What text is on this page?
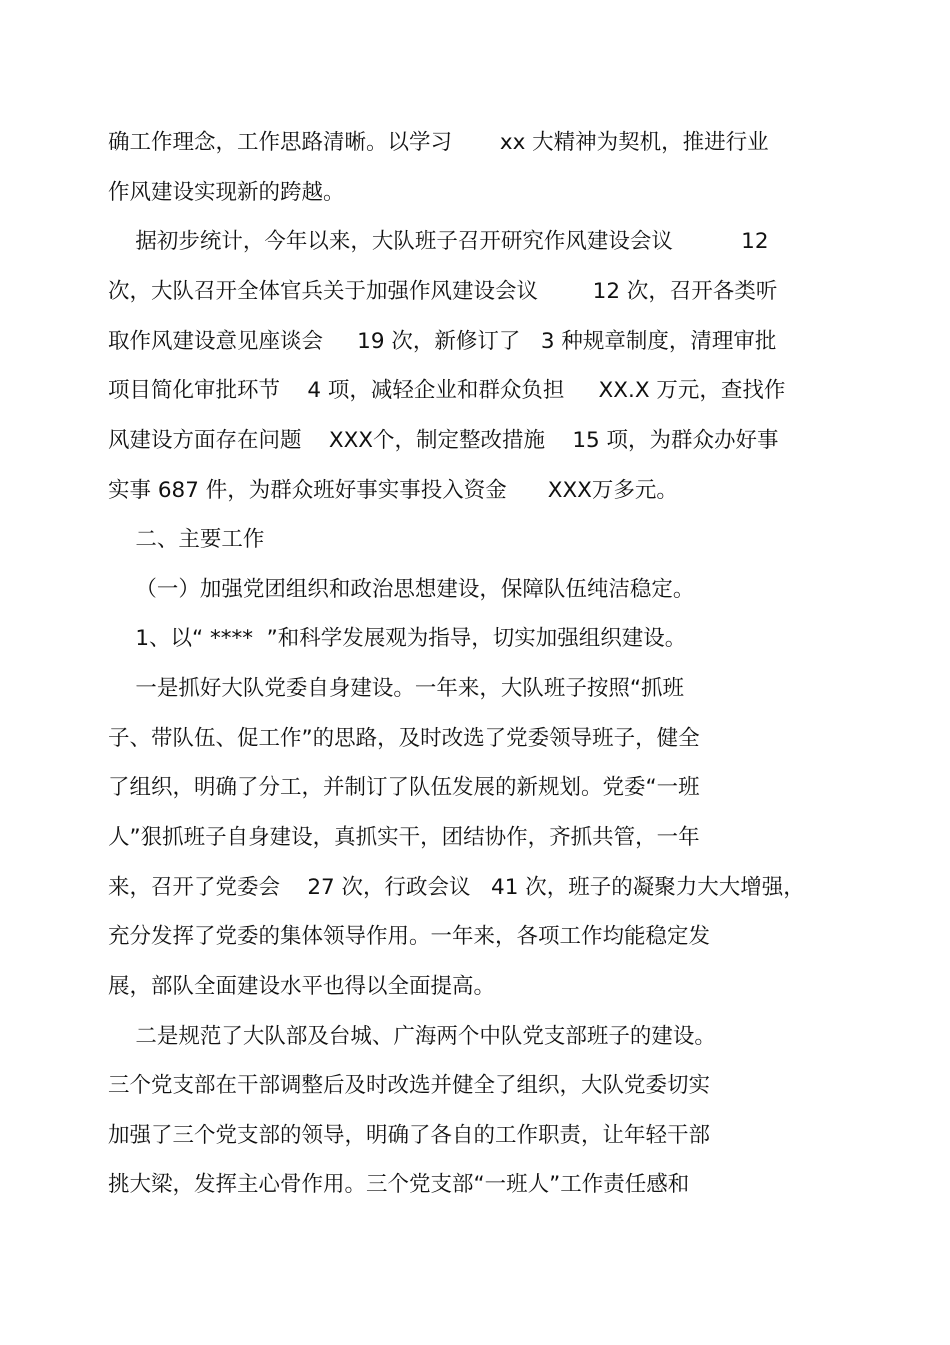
确工作理念，工作思路清晰。以学习       xx 大精神为契机，推进行业
作风建设实现新的跨越。
据初步统计，今年以来，大队班子召开研究作风建设会议          12
次，大队召开全体官兵关于加强作风建设会议        12 次，召开各类听
取作风建设意见座谈会     19 次，新修订了   3 种规章制度，清理审批
项目简化审批环节    4 项，减轻企业和群众负担     XX.X 万元，查找作
风建设方面存在问题    XXX个，制定整改措施    15 项，为群众办好事
实事 687 件，为群众班好事实事投入资金      XXX万多元。
二、主要工作
（一）加强党团组织和政治思想建设，保障队伍纯洁稳定。
1、以“ ****  ”和科学发展观为指导，切实加强组织建设。
一是抓好大队党委自身建设。一年来，大队班子按照“抓班
子、带队伍、促工作”的思路，及时改选了党委领导班子，健全
了组织，明确了分工，并制订了队伍发展的新规划。党委“一班
人”狠抓班子自身建设，真抓实干，团结协作，齐抓共管，一年
来，召开了党委会    27 次，行政会议   41 次，班子的凝聚力大大增强，
充分发挥了党委的集体领导作用。一年来，各项工作均能稳定发
展，部队全面建设水平也得以全面提高。
二是规范了大队部及台城、广海两个中队党支部班子的建设。
三个党支部在干部调整后及时改选并健全了组织，大队党委切实
加强了三个党支部的领导，明确了各自的工作职责，让年轻干部
挑大梁，发挥主心骨作用。三个党支部“一班人”工作责任感和
